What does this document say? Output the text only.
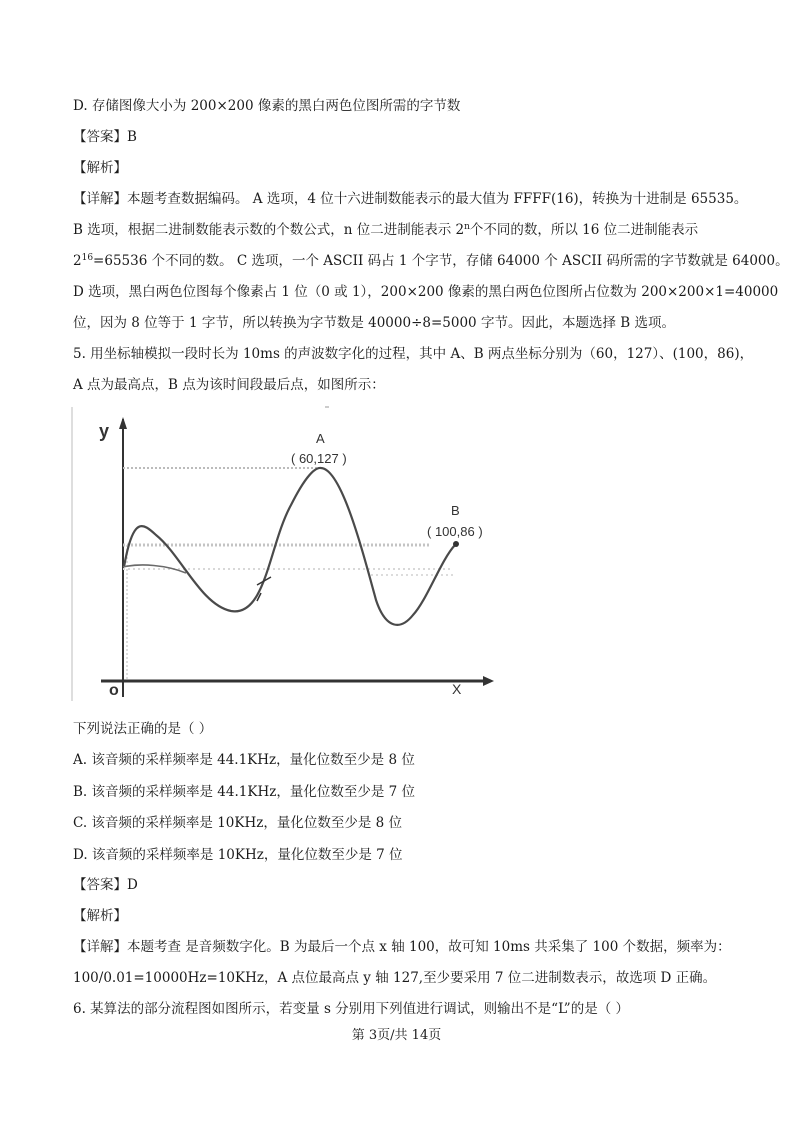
D. 存储图像大小为 200×200 像素的黑白两色位图所需的字节数
【答案】B
【解析】
【详解】本题考查数据编码。 A 选项，4 位十六进制数能表示的最大值为 FFFF(16)，转换为十进制是 65535。
B 选项，根据二进制数能表示数的个数公式，n 位二进制能表示 2$^n$个不同的数，所以 16 位二进制能表示
$2^{16}=65536$ 个不同的数。 C 选项，一个 ASCII 码占 1 个字节，存储 64000 个 ASCII 码所需的字节数就是 64000。
D 选项，黑白两色位图每个像素占 1 位（0 或 1），200×200 像素的黑白两色位图所占位数为 200×200×1=40000
位，因为 8 位等于 1 字节，所以转换为字节数是 40000÷8=5000 字节。因此，本题选择 B 选项。
5. 用坐标轴模拟一段时长为 10ms 的声波数字化的过程，其中 A、B 两点坐标分别为（60，127）、(100，86)，
A 点为最高点，B 点为该时间段最后点，如图所示：
y
X
o
A
( 60,127 )
B
( 100,86 )
下列说法正确的是（ ）
A. 该音频的采样频率是 44.1KHz，量化位数至少是 8 位
B. 该音频的采样频率是 44.1KHz，量化位数至少是 7 位
C. 该音频的采样频率是 10KHz，量化位数至少是 8 位
D. 该音频的采样频率是 10KHz，量化位数至少是 7 位
【答案】D
【解析】
【详解】本题考查 是音频数字化。B 为最后一个点 x 轴 100，故可知 10ms 共采集了 100 个数据，频率为：
100/0.01=10000Hz=10KHz，A 点位最高点 y 轴 127,至少要采用 7 位二进制数表示，故选项 D 正确。
6. 某算法的部分流程图如图所示，若变量 s 分别用下列值进行调试，则输出不是“L”的是（ ）
第 3页/共 14页
